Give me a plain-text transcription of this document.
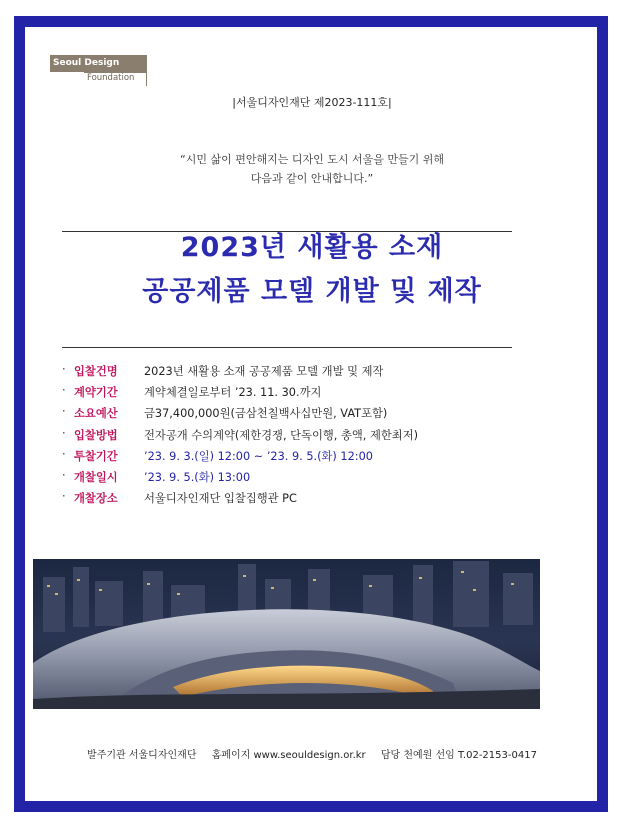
Seoul Design
Foundation
|서울디자인재단 제2023-111호|
“시민 삶이 편안해지는 디자인 도시 서울을 만들기 위해
다음과 같이 안내합니다.”
2023년 새활용 소재
공공제품 모델 개발 및 제작
· 입찰건명 2023년 새활용 소재 공공제품 모델 개발 및 제작
· 계약기간 계약체결일로부터 ’23. 11. 30.까지
· 소요예산 금37,400,000원(금삼천칠백사십만원, VAT포함)
· 입찰방법 전자공개 수의계약(제한경쟁, 단독이행, 총액, 제한최저)
· 투찰기간 ’23. 9. 3.(일) 12:00 ~ ’23. 9. 5.(화) 12:00
· 개찰일시 ’23. 9. 5.(화) 13:00
· 개찰장소 서울디자인재단 입찰집행관 PC
발주기관 서울디자인재단 홈페이지 www.seouldesign.or.kr 담당 천예원 선임 T.02-2153-0417
